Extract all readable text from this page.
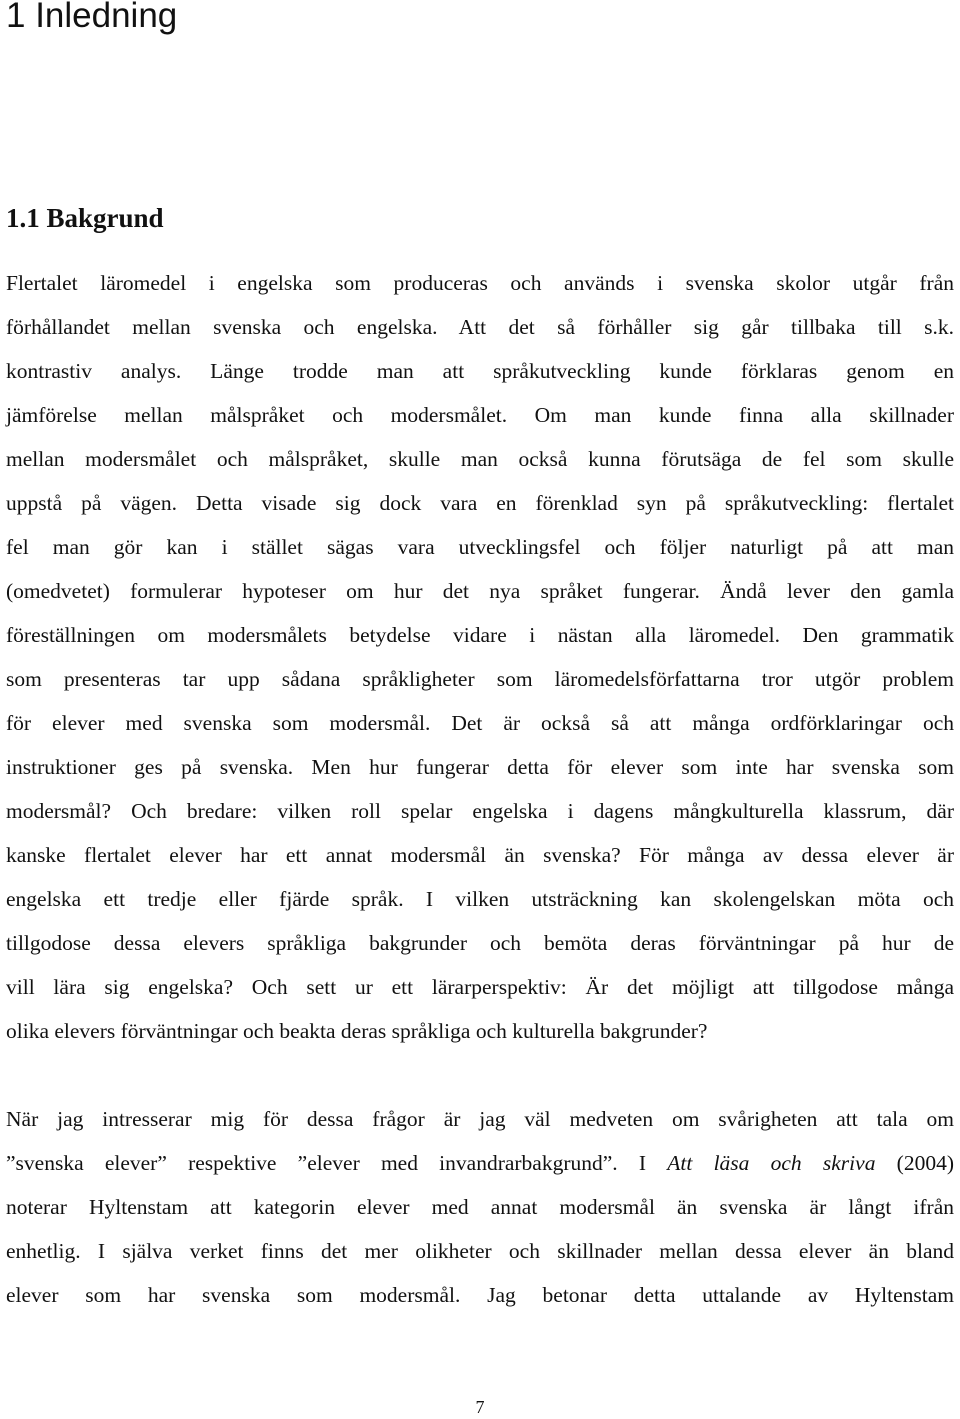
1 Inledning
1.1 Bakgrund
Flertalet läromedel i engelska som produceras och används i svenska skolor utgår från
förhållandet mellan svenska och engelska. Att det så förhåller sig går tillbaka till s.k.
kontrastiv analys. Länge trodde man att språkutveckling kunde förklaras genom en
jämförelse mellan målspråket och modersmålet. Om man kunde finna alla skillnader
mellan modersmålet och målspråket, skulle man också kunna förutsäga de fel som skulle
uppstå på vägen. Detta visade sig dock vara en förenklad syn på språkutveckling: flertalet
fel man gör kan i stället sägas vara utvecklingsfel och följer naturligt på att man
(omedvetet) formulerar hypoteser om hur det nya språket fungerar. Ändå lever den gamla
föreställningen om modersmålets betydelse vidare i nästan alla läromedel. Den grammatik
som presenteras tar upp sådana språkligheter som läromedelsförfattarna tror utgör problem
för elever med svenska som modersmål. Det är också så att många ordförklaringar och
instruktioner ges på svenska. Men hur fungerar detta för elever som inte har svenska som
modersmål? Och bredare: vilken roll spelar engelska i dagens mångkulturella klassrum, där
kanske flertalet elever har ett annat modersmål än svenska? För många av dessa elever är
engelska ett tredje eller fjärde språk. I vilken utsträckning kan skolengelskan möta och
tillgodose dessa elevers språkliga bakgrunder och bemöta deras förväntningar på hur de
vill lära sig engelska? Och sett ur ett lärarperspektiv: Är det möjligt att tillgodose många
olika elevers förväntningar och beakta deras språkliga och kulturella bakgrunder?
När jag intresserar mig för dessa frågor är jag väl medveten om svårigheten att tala om
”svenska elever” respektive ”elever med invandrarbakgrund”. I Att läsa och skriva (2004)
noterar Hyltenstam att kategorin elever med annat modersmål än svenska är långt ifrån
enhetlig. I själva verket finns det mer olikheter och skillnader mellan dessa elever än bland
elever som har svenska som modersmål. Jag betonar detta uttalande av Hyltenstam
7
